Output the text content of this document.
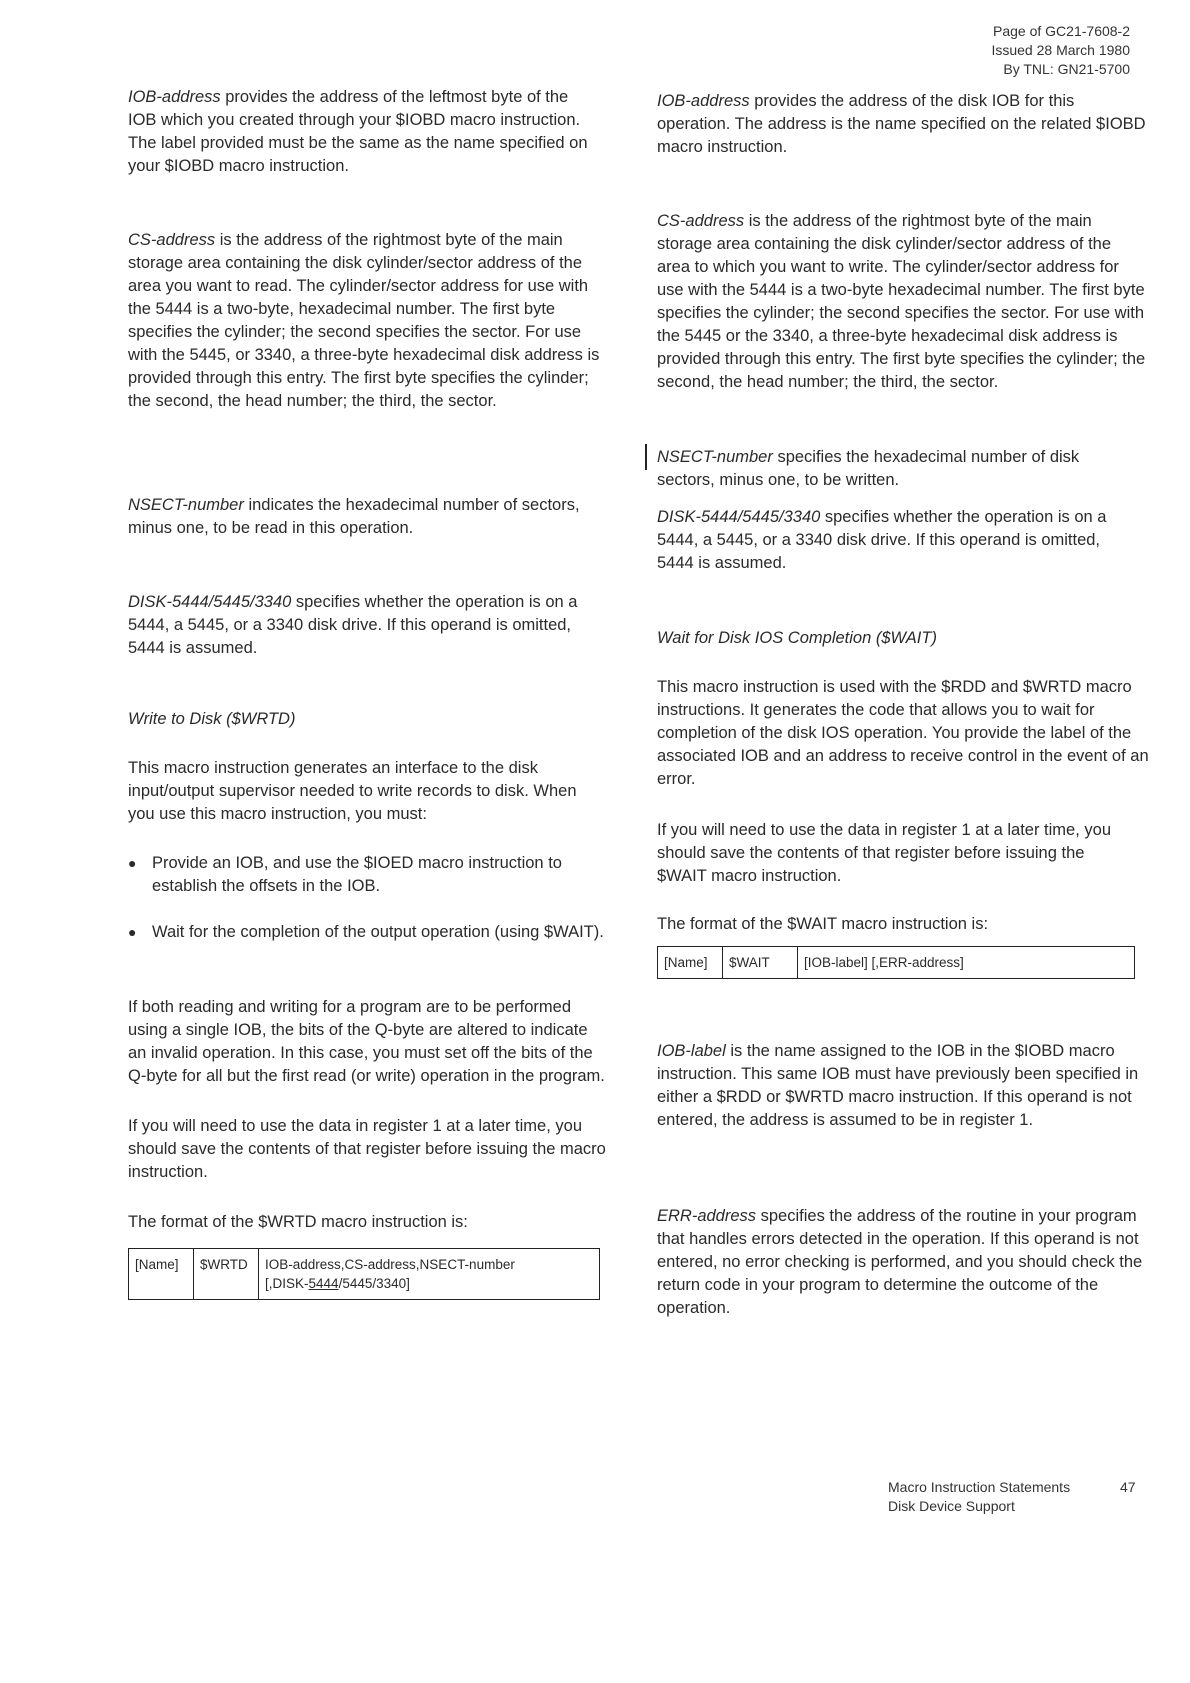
Page of GC21-7608-2
Issued 28 March 1980
By TNL: GN21-5700

IOB-address provides the address of the leftmost byte of the IOB which you created through your $IOBD macro instruction. The label provided must be the same as the name specified on your $IOBD macro instruction.

CS-address is the address of the rightmost byte of the main storage area containing the disk cylinder/sector address of the area you want to read. The cylinder/sector address for use with the 5444 is a two-byte, hexadecimal number. The first byte specifies the cylinder; the second specifies the sector. For use with the 5445, or 3340, a three-byte hexadecimal disk address is provided through this entry. The first byte specifies the cylinder; the second, the head number; the third, the sector.

NSECT-number indicates the hexadecimal number of sectors, minus one, to be read in this operation.

DISK-5444/5445/3340 specifies whether the operation is on a 5444, a 5445, or a 3340 disk drive. If this operand is omitted, 5444 is assumed.

Write to Disk ($WRTD)

This macro instruction generates an interface to the disk input/output supervisor needed to write records to disk. When you use this macro instruction, you must:

● Provide an IOB, and use the $IOED macro instruction to establish the offsets in the IOB.
● Wait for the completion of the output operation (using $WAIT).

If both reading and writing for a program are to be performed using a single IOB, the bits of the Q-byte are altered to indicate an invalid operation. In this case, you must set off the bits of the Q-byte for all but the first read (or write) operation in the program.

If you will need to use the data in register 1 at a later time, you should save the contents of that register before issuing the macro instruction.

The format of the $WRTD macro instruction is:

[Name]	$WRTD	IOB-address,CS-address,NSECT-number
[,DISK-5444/5445/3340]

IOB-address provides the address of the disk IOB for this operation. The address is the name specified on the related $IOBD macro instruction.

CS-address is the address of the rightmost byte of the main storage area containing the disk cylinder/sector address of the area to which you want to write. The cylinder/sector address for use with the 5444 is a two-byte hexadecimal number. The first byte specifies the cylinder; the second specifies the sector. For use with the 5445 or the 3340, a three-byte hexadecimal disk address is provided through this entry. The first byte specifies the cylinder; the second, the head number; the third, the sector.

NSECT-number specifies the hexadecimal number of disk sectors, minus one, to be written.

DISK-5444/5445/3340 specifies whether the operation is on a 5444, a 5445, or a 3340 disk drive. If this operand is omitted, 5444 is assumed.

Wait for Disk IOS Completion ($WAIT)

This macro instruction is used with the $RDD and $WRTD macro instructions. It generates the code that allows you to wait for completion of the disk IOS operation. You provide the label of the associated IOB and an address to receive control in the event of an error.

If you will need to use the data in register 1 at a later time, you should save the contents of that register before issuing the $WAIT macro instruction.

The format of the $WAIT macro instruction is:

[Name]	$WAIT	[IOB-label] [,ERR-address]

IOB-label is the name assigned to the IOB in the $IOBD macro instruction. This same IOB must have previously been specified in either a $RDD or $WRTD macro instruction. If this operand is not entered, the address is assumed to be in register 1.

ERR-address specifies the address of the routine in your program that handles errors detected in the operation. If this operand is not entered, no error checking is performed, and you should check the return code in your program to determine the outcome of the operation.

Macro Instruction Statements
Disk Device Support
47
